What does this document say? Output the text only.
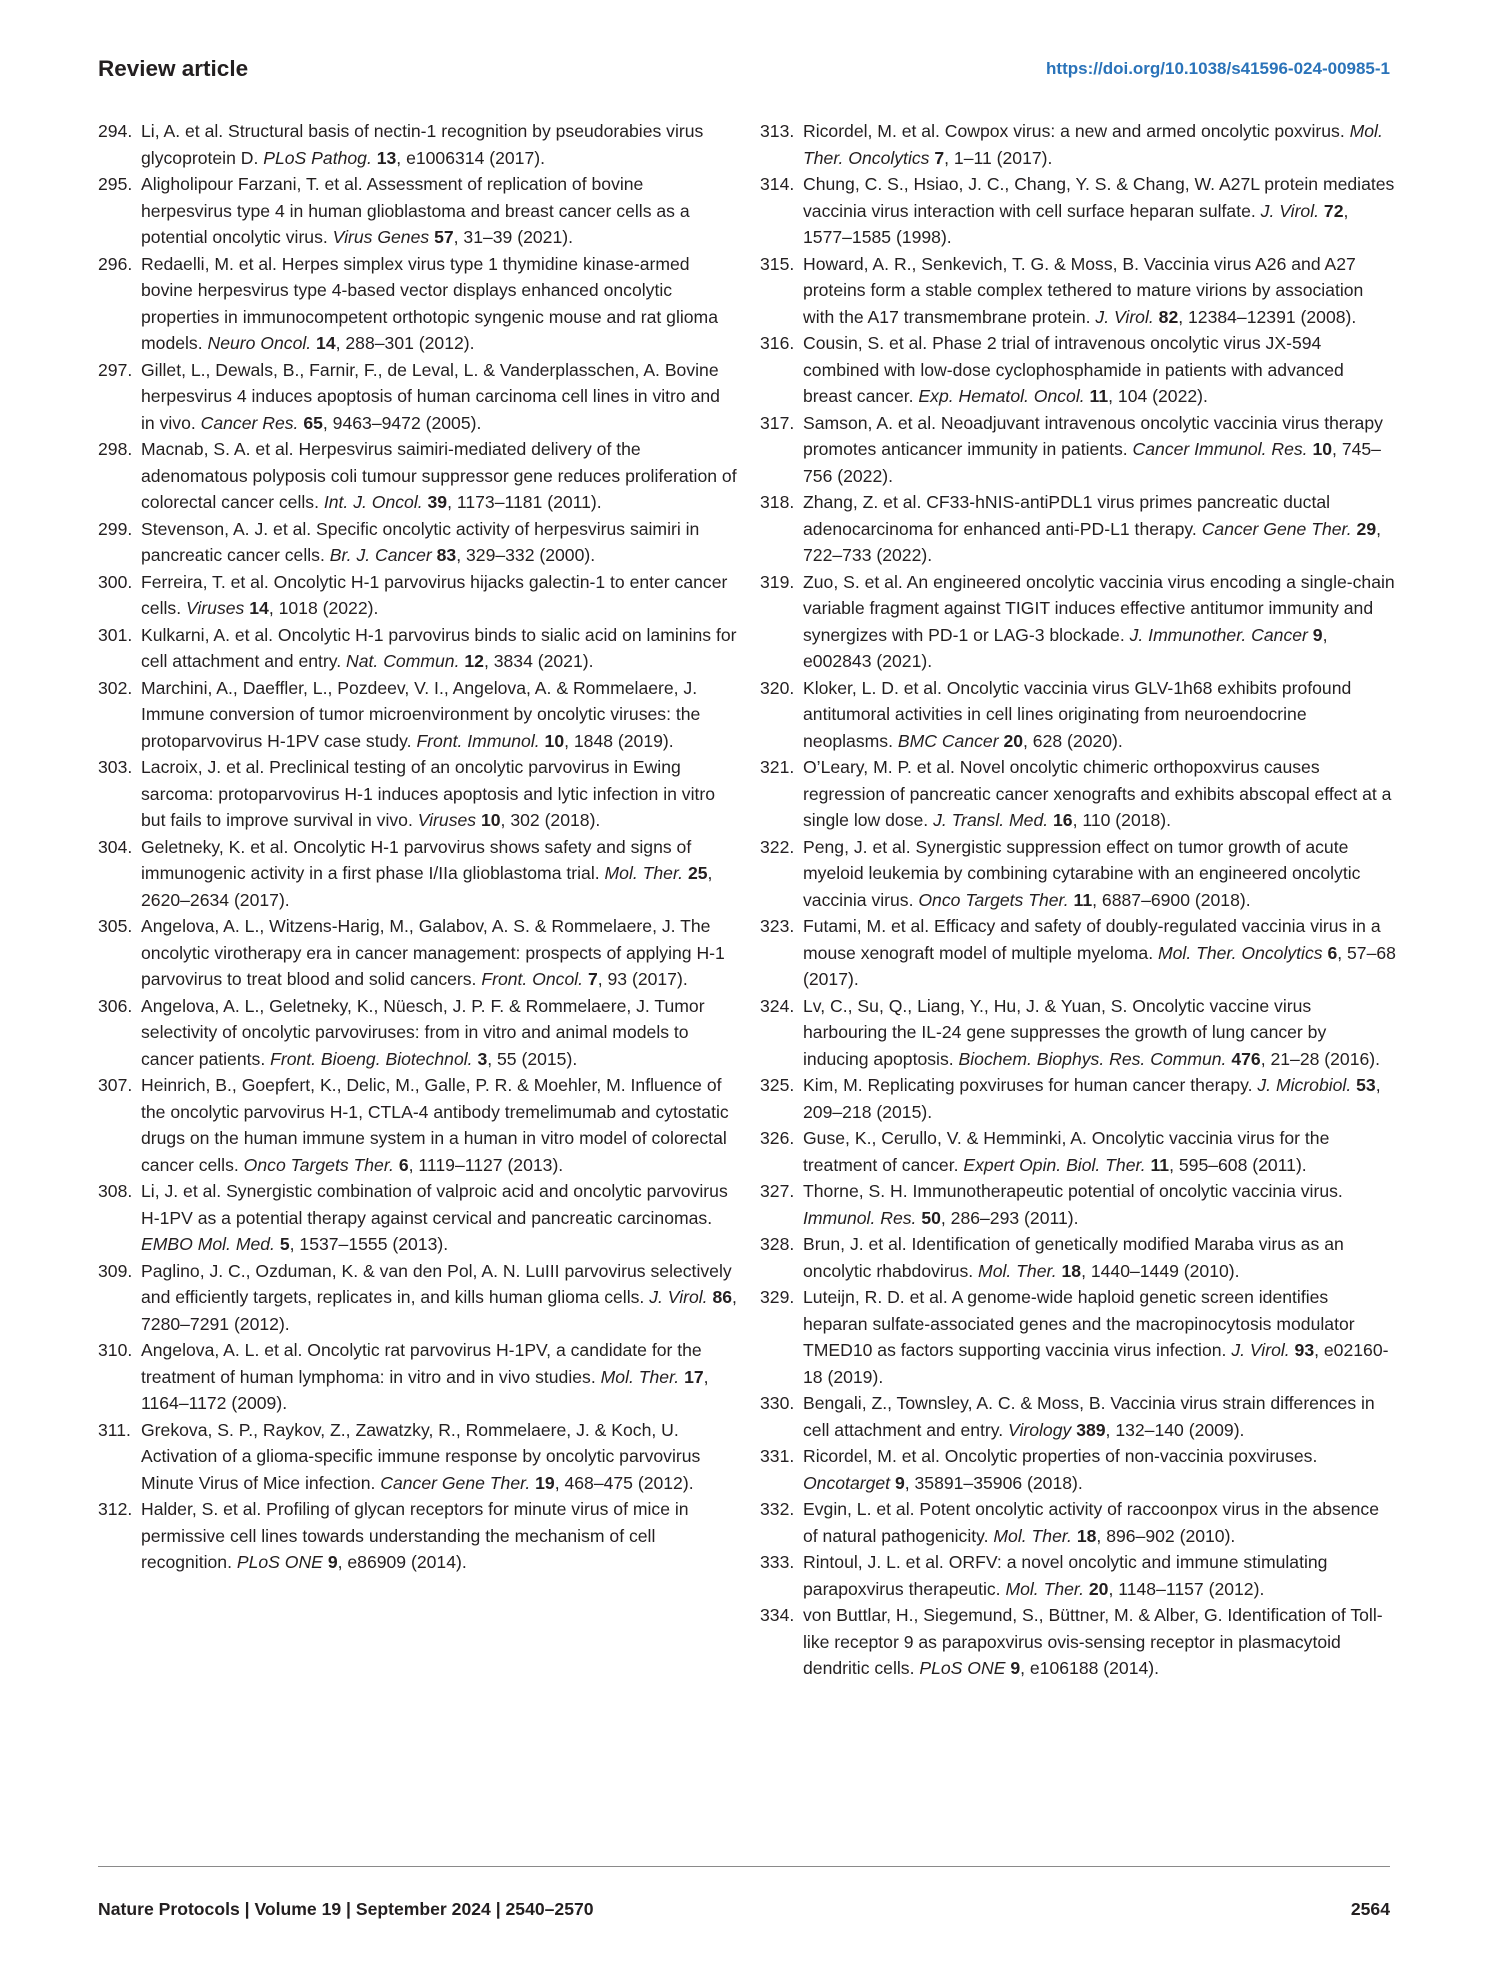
Review article	https://doi.org/10.1038/s41596-024-00985-1

294. Li, A. et al. Structural basis of nectin-1 recognition by pseudorabies virus glycoprotein D. PLoS Pathog. 13, e1006314 (2017).

295. Aligholipour Farzani, T. et al. Assessment of replication of bovine herpesvirus type 4 in human glioblastoma and breast cancer cells as a potential oncolytic virus. Virus Genes 57, 31–39 (2021).

296. Redaelli, M. et al. Herpes simplex virus type 1 thymidine kinase-armed bovine herpesvirus type 4-based vector displays enhanced oncolytic properties in immunocompetent orthotopic syngenic mouse and rat glioma models. Neuro Oncol. 14, 288–301 (2012).

297. Gillet, L., Dewals, B., Farnir, F., de Leval, L. & Vanderplasschen, A. Bovine herpesvirus 4 induces apoptosis of human carcinoma cell lines in vitro and in vivo. Cancer Res. 65, 9463–9472 (2005).

298. Macnab, S. A. et al. Herpesvirus saimiri-mediated delivery of the adenomatous polyposis coli tumour suppressor gene reduces proliferation of colorectal cancer cells. Int. J. Oncol. 39, 1173–1181 (2011).

299. Stevenson, A. J. et al. Specific oncolytic activity of herpesvirus saimiri in pancreatic cancer cells. Br. J. Cancer 83, 329–332 (2000).

300. Ferreira, T. et al. Oncolytic H-1 parvovirus hijacks galectin-1 to enter cancer cells. Viruses 14, 1018 (2022).

301. Kulkarni, A. et al. Oncolytic H-1 parvovirus binds to sialic acid on laminins for cell attachment and entry. Nat. Commun. 12, 3834 (2021).

302. Marchini, A., Daeffler, L., Pozdeev, V. I., Angelova, A. & Rommelaere, J. Immune conversion of tumor microenvironment by oncolytic viruses: the protoparvovirus H-1PV case study. Front. Immunol. 10, 1848 (2019).

303. Lacroix, J. et al. Preclinical testing of an oncolytic parvovirus in Ewing sarcoma: protoparvovirus H-1 induces apoptosis and lytic infection in vitro but fails to improve survival in vivo. Viruses 10, 302 (2018).

304. Geletneky, K. et al. Oncolytic H-1 parvovirus shows safety and signs of immunogenic activity in a first phase I/IIa glioblastoma trial. Mol. Ther. 25, 2620–2634 (2017).

305. Angelova, A. L., Witzens-Harig, M., Galabov, A. S. & Rommelaere, J. The oncolytic virotherapy era in cancer management: prospects of applying H-1 parvovirus to treat blood and solid cancers. Front. Oncol. 7, 93 (2017).

306. Angelova, A. L., Geletneky, K., Nüesch, J. P. F. & Rommelaere, J. Tumor selectivity of oncolytic parvoviruses: from in vitro and animal models to cancer patients. Front. Bioeng. Biotechnol. 3, 55 (2015).

307. Heinrich, B., Goepfert, K., Delic, M., Galle, P. R. & Moehler, M. Influence of the oncolytic parvovirus H-1, CTLA-4 antibody tremelimumab and cytostatic drugs on the human immune system in a human in vitro model of colorectal cancer cells. Onco Targets Ther. 6, 1119–1127 (2013).

308. Li, J. et al. Synergistic combination of valproic acid and oncolytic parvovirus H-1PV as a potential therapy against cervical and pancreatic carcinomas. EMBO Mol. Med. 5, 1537–1555 (2013).

309. Paglino, J. C., Ozduman, K. & van den Pol, A. N. LuIII parvovirus selectively and efficiently targets, replicates in, and kills human glioma cells. J. Virol. 86, 7280–7291 (2012).

310. Angelova, A. L. et al. Oncolytic rat parvovirus H-1PV, a candidate for the treatment of human lymphoma: in vitro and in vivo studies. Mol. Ther. 17, 1164–1172 (2009).

311. Grekova, S. P., Raykov, Z., Zawatzky, R., Rommelaere, J. & Koch, U. Activation of a glioma-specific immune response by oncolytic parvovirus Minute Virus of Mice infection. Cancer Gene Ther. 19, 468–475 (2012).

312. Halder, S. et al. Profiling of glycan receptors for minute virus of mice in permissive cell lines towards understanding the mechanism of cell recognition. PLoS ONE 9, e86909 (2014).

313. Ricordel, M. et al. Cowpox virus: a new and armed oncolytic poxvirus. Mol. Ther. Oncolytics 7, 1–11 (2017).

314. Chung, C. S., Hsiao, J. C., Chang, Y. S. & Chang, W. A27L protein mediates vaccinia virus interaction with cell surface heparan sulfate. J. Virol. 72, 1577–1585 (1998).

315. Howard, A. R., Senkevich, T. G. & Moss, B. Vaccinia virus A26 and A27 proteins form a stable complex tethered to mature virions by association with the A17 transmembrane protein. J. Virol. 82, 12384–12391 (2008).

316. Cousin, S. et al. Phase 2 trial of intravenous oncolytic virus JX-594 combined with low-dose cyclophosphamide in patients with advanced breast cancer. Exp. Hematol. Oncol. 11, 104 (2022).

317. Samson, A. et al. Neoadjuvant intravenous oncolytic vaccinia virus therapy promotes anticancer immunity in patients. Cancer Immunol. Res. 10, 745–756 (2022).

318. Zhang, Z. et al. CF33-hNIS-antiPDL1 virus primes pancreatic ductal adenocarcinoma for enhanced anti-PD-L1 therapy. Cancer Gene Ther. 29, 722–733 (2022).

319. Zuo, S. et al. An engineered oncolytic vaccinia virus encoding a single-chain variable fragment against TIGIT induces effective antitumor immunity and synergizes with PD-1 or LAG-3 blockade. J. Immunother. Cancer 9, e002843 (2021).

320. Kloker, L. D. et al. Oncolytic vaccinia virus GLV-1h68 exhibits profound antitumoral activities in cell lines originating from neuroendocrine neoplasms. BMC Cancer 20, 628 (2020).

321. O’Leary, M. P. et al. Novel oncolytic chimeric orthopoxvirus causes regression of pancreatic cancer xenografts and exhibits abscopal effect at a single low dose. J. Transl. Med. 16, 110 (2018).

322. Peng, J. et al. Synergistic suppression effect on tumor growth of acute myeloid leukemia by combining cytarabine with an engineered oncolytic vaccinia virus. Onco Targets Ther. 11, 6887–6900 (2018).

323. Futami, M. et al. Efficacy and safety of doubly-regulated vaccinia virus in a mouse xenograft model of multiple myeloma. Mol. Ther. Oncolytics 6, 57–68 (2017).

324. Lv, C., Su, Q., Liang, Y., Hu, J. & Yuan, S. Oncolytic vaccine virus harbouring the IL-24 gene suppresses the growth of lung cancer by inducing apoptosis. Biochem. Biophys. Res. Commun. 476, 21–28 (2016).

325. Kim, M. Replicating poxviruses for human cancer therapy. J. Microbiol. 53, 209–218 (2015).

326. Guse, K., Cerullo, V. & Hemminki, A. Oncolytic vaccinia virus for the treatment of cancer. Expert Opin. Biol. Ther. 11, 595–608 (2011).

327. Thorne, S. H. Immunotherapeutic potential of oncolytic vaccinia virus. Immunol. Res. 50, 286–293 (2011).

328. Brun, J. et al. Identification of genetically modified Maraba virus as an oncolytic rhabdovirus. Mol. Ther. 18, 1440–1449 (2010).

329. Luteijn, R. D. et al. A genome-wide haploid genetic screen identifies heparan sulfate-associated genes and the macropinocytosis modulator TMED10 as factors supporting vaccinia virus infection. J. Virol. 93, e02160-18 (2019).

330. Bengali, Z., Townsley, A. C. & Moss, B. Vaccinia virus strain differences in cell attachment and entry. Virology 389, 132–140 (2009).

331. Ricordel, M. et al. Oncolytic properties of non-vaccinia poxviruses. Oncotarget 9, 35891–35906 (2018).

332. Evgin, L. et al. Potent oncolytic activity of raccoonpox virus in the absence of natural pathogenicity. Mol. Ther. 18, 896–902 (2010).

333. Rintoul, J. L. et al. ORFV: a novel oncolytic and immune stimulating parapoxvirus therapeutic. Mol. Ther. 20, 1148–1157 (2012).

334. von Buttlar, H., Siegemund, S., Büttner, M. & Alber, G. Identification of Toll-like receptor 9 as parapoxvirus ovis-sensing receptor in plasmacytoid dendritic cells. PLoS ONE 9, e106188 (2014).

Nature Protocols | Volume 19 | September 2024 | 2540–2570	2564
